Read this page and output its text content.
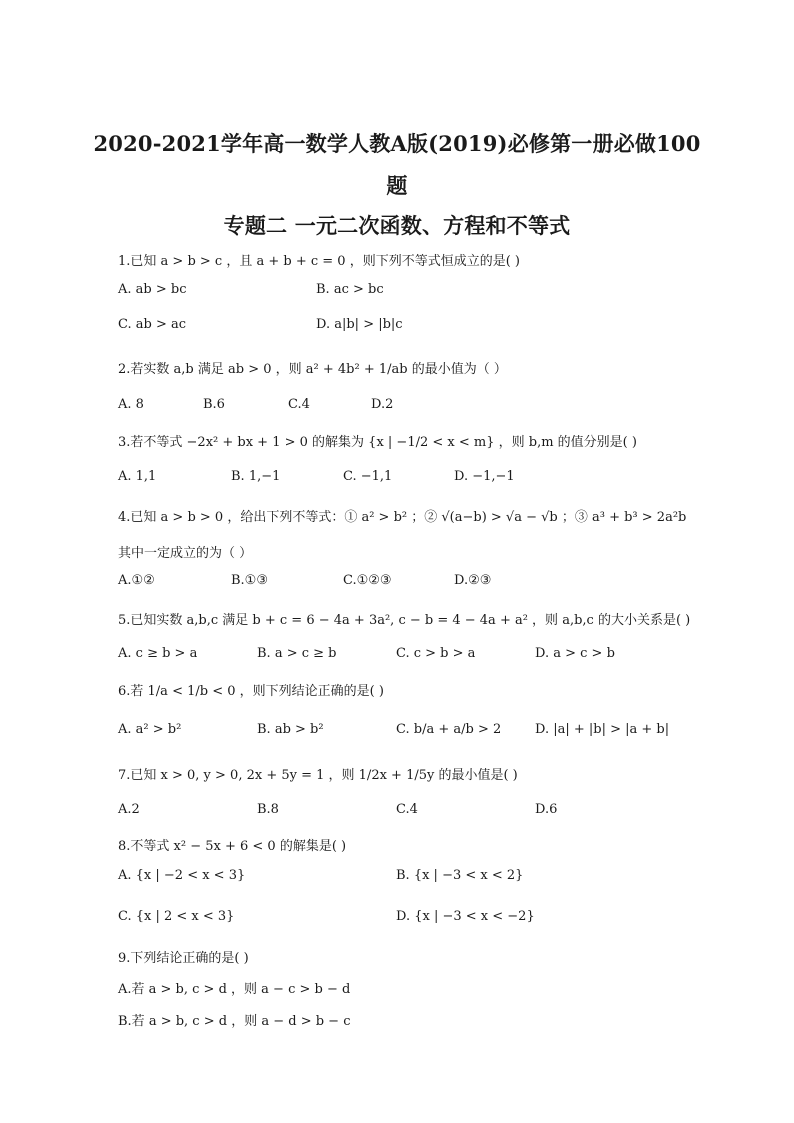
2020-2021学年高一数学人教A版(2019)必修第一册必做100
题
专题二 一元二次函数、方程和不等式
1.已知 a > b > c ，且 a + b + c = 0 ，则下列不等式恒成立的是( )
A. ab > bc	B. ac > bc
C. ab > ac	D. a|b| > |b|c
2.若实数 a,b 满足 ab > 0 ，则 a² + 4b² + 1/ab 的最小值为（ ）
A. 8	B.6	C.4	D.2
3.若不等式 −2x² + bx + 1 > 0 的解集为 {x | −1/2 < x < m} ，则 b,m 的值分别是( )
A. 1,1	B. 1,−1	C. −1,1	D. −1,−1
4.已知 a > b > 0 ，给出下列不等式：① a² > b² ；② √(a−b) > √a − √b ；③ a³ + b³ > 2a²b
其中一定成立的为（ ）
A.①②	B.①③	C.①②③	D.②③
5.已知实数 a,b,c 满足 b + c = 6 − 4a + 3a², c − b = 4 − 4a + a² ，则 a,b,c 的大小关系是( )
A. c ≥ b > a	B. a > c ≥ b	C. c > b > a	D. a > c > b
6.若 1/a < 1/b < 0 ，则下列结论正确的是( )
A. a² > b²	B. ab > b²	C. b/a + a/b > 2	D. |a| + |b| > |a + b|
7.已知 x > 0, y > 0, 2x + 5y = 1 ，则 1/2x + 1/5y 的最小值是( )
A.2	B.8	C.4	D.6
8.不等式 x² − 5x + 6 < 0 的解集是( )
A. {x | −2 < x < 3}	B. {x | −3 < x < 2}
C. {x | 2 < x < 3}	D. {x | −3 < x < −2}
9.下列结论正确的是( )
A.若 a > b, c > d ，则 a − c > b − d
B.若 a > b, c > d ，则 a − d > b − c
